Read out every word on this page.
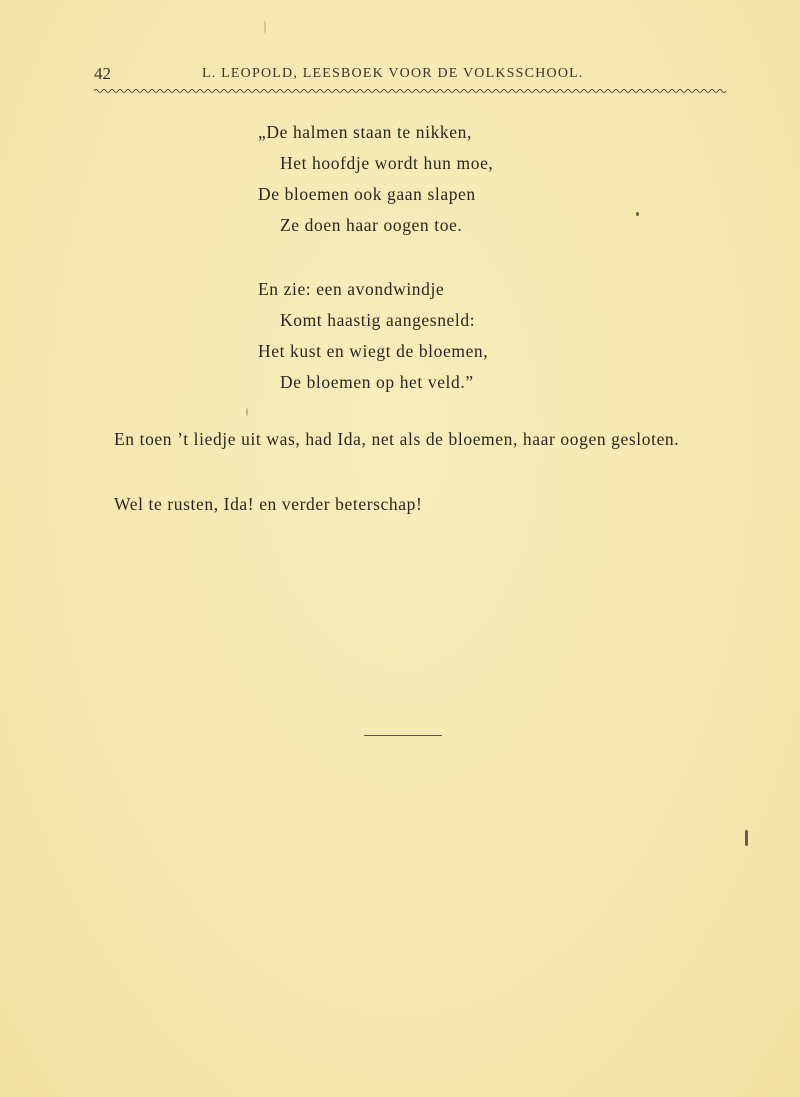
42	L. LEOPOLD, LEESBOEK VOOR DE VOLKSSCHOOL.
„De halmen staan te nikken,
Het hoofdje wordt hun moe,
De bloemen ook gaan slapen
Ze doen haar oogen toe.
En zie: een avondwindje
Komt haastig aangesneld:
Het kust en wiegt de bloemen,
De bloemen op het veld.”
En toen ’t liedje uit was, had Ida, net als de bloemen, haar oogen gesloten.
Wel te rusten, Ida! en verder beterschap!
